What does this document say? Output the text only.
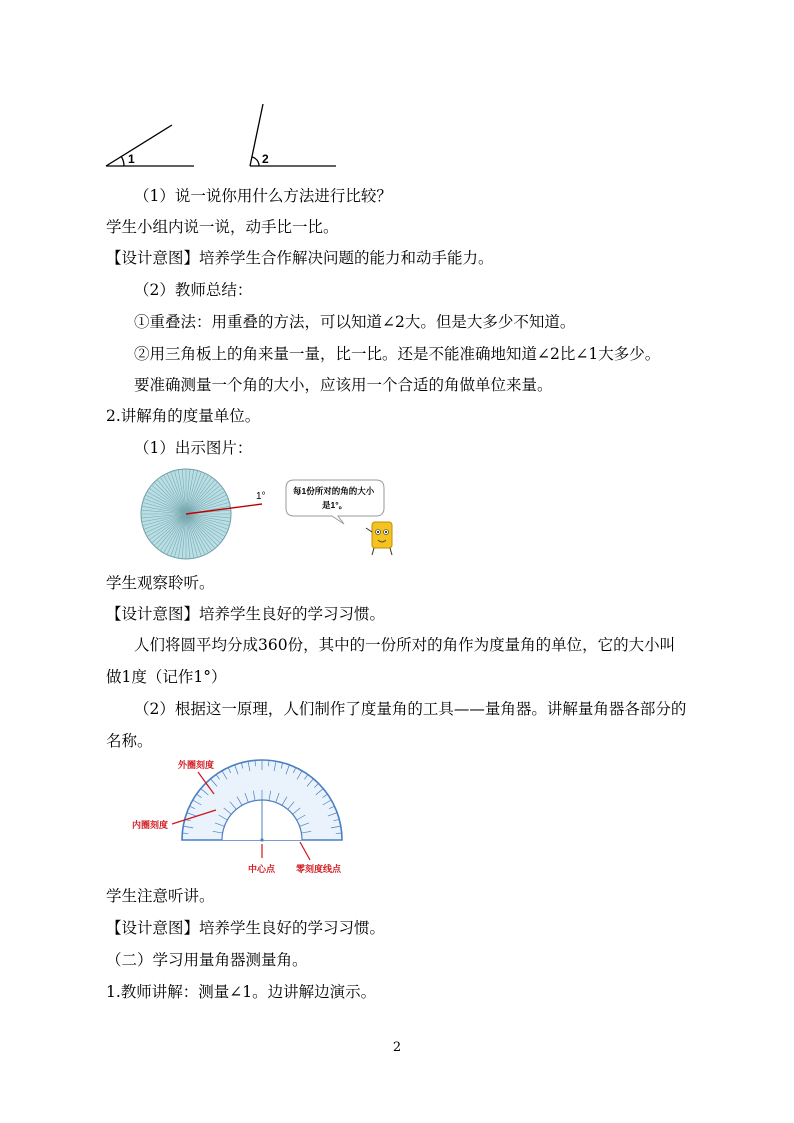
1	2
（1）说一说你用什么方法进行比较？
学生小组内说一说，动手比一比。
【设计意图】培养学生合作解决问题的能力和动手能力。
（2）教师总结：
①重叠法：用重叠的方法，可以知道∠2大。但是大多少不知道。
②用三角板上的角来量一量，比一比。还是不能准确地知道∠2比∠1大多少。
要准确测量一个角的大小，应该用一个合适的角做单位来量。
2.讲解角的度量单位。
（1）出示图片：
1°	每1份所对的角的大小
是1°。
学生观察聆听。
【设计意图】培养学生良好的学习习惯。
人们将圆平均分成360份，其中的一份所对的角作为度量角的单位，它的大小叫
做1度（记作1°）
（2）根据这一原理，人们制作了度量角的工具——量角器。讲解量角器各部分的
名称。
外圈刻度
内圈刻度
中心点 零刻度线点
学生注意听讲。
【设计意图】培养学生良好的学习习惯。
（二）学习用量角器测量角。
1.教师讲解：测量∠1。边讲解边演示。
2
